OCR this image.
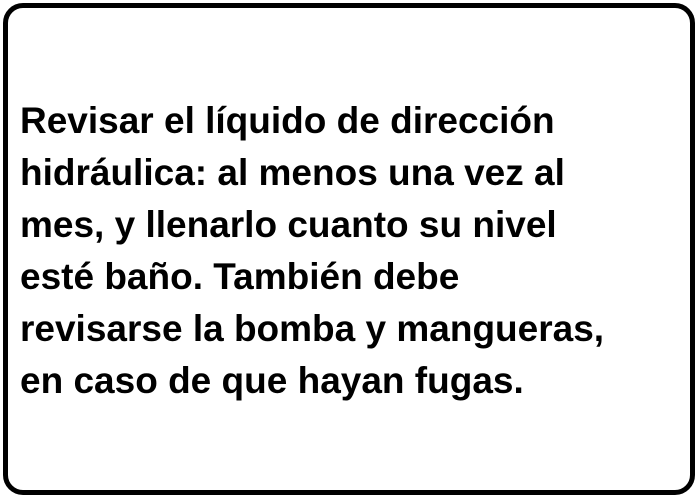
Revisar el líquido de dirección
hidráulica: al menos una vez al
mes, y llenarlo cuanto su nivel
esté baño. También debe
revisarse la bomba y mangueras,
en caso de que hayan fugas.
